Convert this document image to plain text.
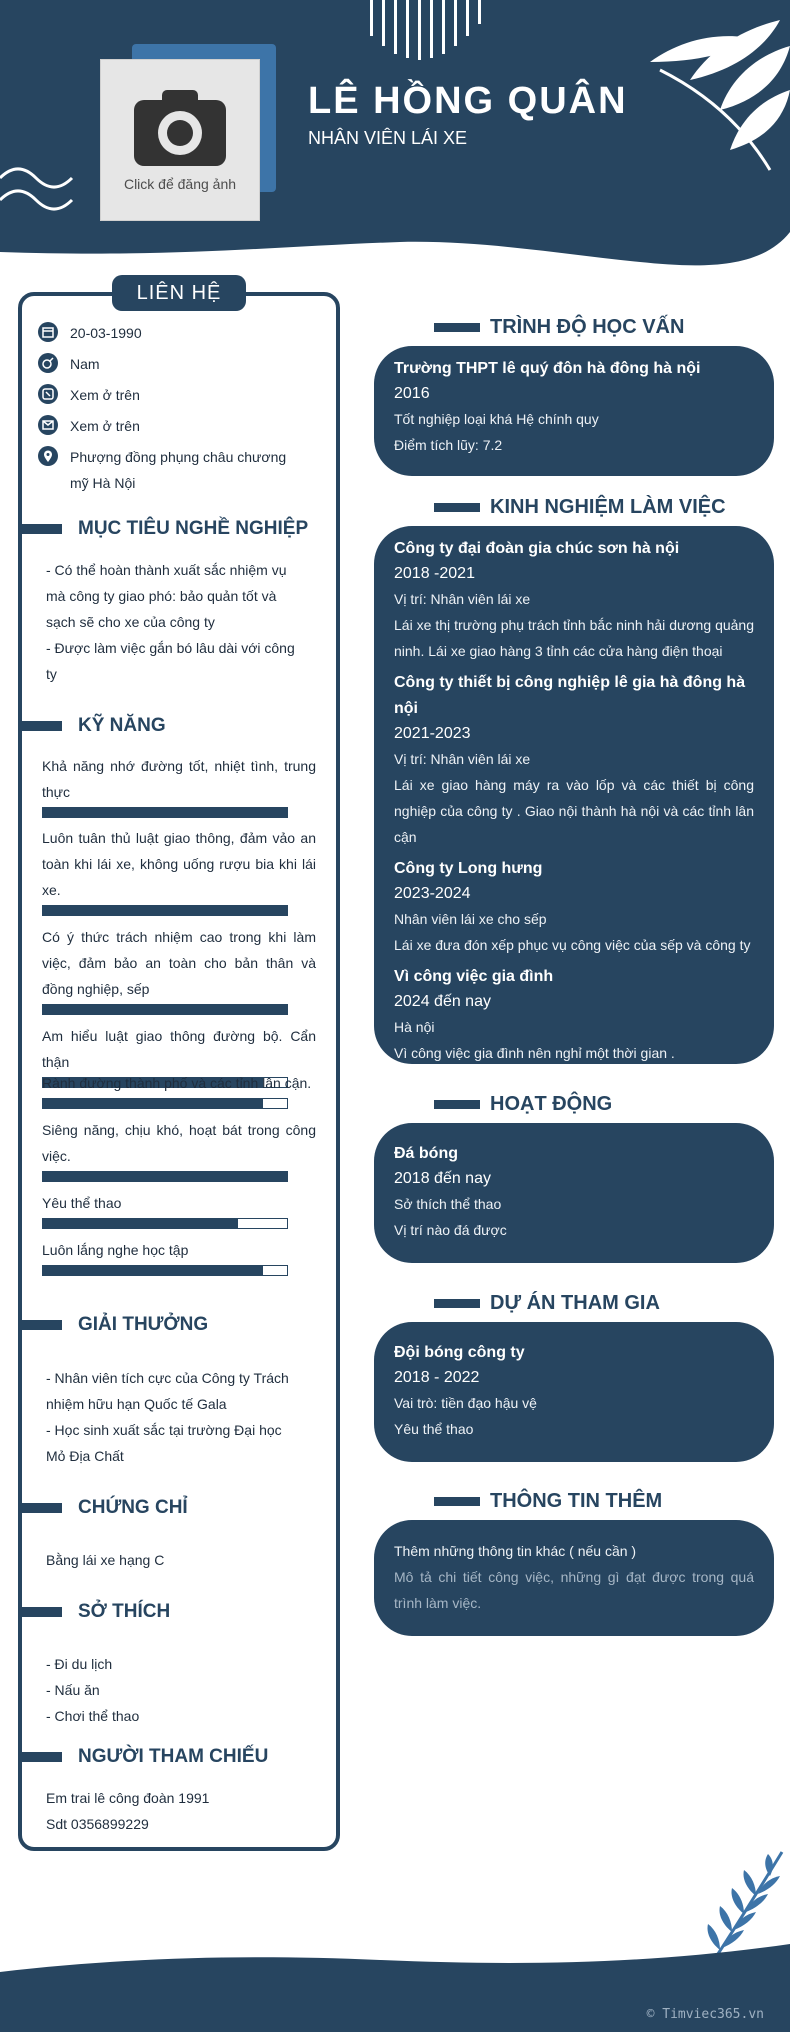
Click để đăng ảnh
LÊ HỒNG QUÂN
NHÂN VIÊN LÁI XE
LIÊN HỆ
20-03-1990
Nam
Xem ở trên
Xem ở trên
Phượng đồng phụng châu chương mỹ Hà Nội
MỤC TIÊU NGHỀ NGHIỆP
- Có thể hoàn thành xuất sắc nhiệm vụ mà công ty giao phó: bảo quản tốt và sạch sẽ cho xe của công ty
- Được làm việc gắn bó lâu dài với công ty
KỸ NĂNG
Khả năng nhớ đường tốt, nhiệt tình, trung thực
Luôn tuân thủ luật giao thông, đảm vảo an toàn khi lái xe, không uống rượu bia khi lái xe.
Có ý thức trách nhiệm cao trong khi làm việc, đảm bảo an toàn cho bản thân và đồng nghiệp, sếp
Am hiểu luật giao thông đường bộ. Cẩn thận
Rành đường thành phố và các tỉnh lân cận.
Siêng năng, chịu khó, hoạt bát trong công việc.
Yêu thể thao
Luôn lắng nghe học tập
GIẢI THƯỞNG
- Nhân viên tích cực của Công ty Trách nhiệm hữu hạn Quốc tế Gala
- Học sinh xuất sắc tại trường Đại học Mỏ Địa Chất
CHỨNG CHỈ
Bằng lái xe hạng C
SỞ THÍCH
- Đi du lịch
- Nấu ăn
- Chơi thể thao
NGƯỜI THAM CHIẾU
Em trai lê công đoàn 1991
Sdt 0356899229
TRÌNH ĐỘ HỌC VẤN
Trường THPT lê quý đôn hà đông hà nội
2016
Tốt nghiệp loại khá Hệ chính quy
Điểm tích lũy: 7.2
KINH NGHIỆM LÀM VIỆC
Công ty đại đoàn gia chúc sơn hà nội
2018 -2021
Vị trí: Nhân viên lái xe
Lái xe thị trường phụ trách tỉnh bắc ninh hải dương quảng ninh. Lái xe giao hàng 3 tỉnh các cửa hàng điện thoại
Công ty thiết bị công nghiệp lê gia hà đông hà nội
2021-2023
Vị trí: Nhân viên lái xe
Lái xe giao hàng máy ra vào lốp và các thiết bị công nghiệp của công ty . Giao nội thành hà nội và các tỉnh lân cận
Công ty Long hưng
2023-2024
Nhân viên lái xe cho sếp
Lái xe đưa đón xếp phục vụ công việc của sếp và công ty
Vì công việc gia đình
2024 đến nay
Hà nội
Vì công việc gia đình nên nghỉ một thời gian .
HOẠT ĐỘNG
Đá bóng
2018 đến nay
Sở thích thể thao
Vị trí nào đá được
DỰ ÁN THAM GIA
Đội bóng công ty
2018 - 2022
Vai trò: tiền đạo hậu vệ
Yêu thể thao
THÔNG TIN THÊM
Thêm những thông tin khác ( nếu cần )
Mô tả chi tiết công việc, những gì đạt được trong quá trình làm việc.
© Timviec365.vn
